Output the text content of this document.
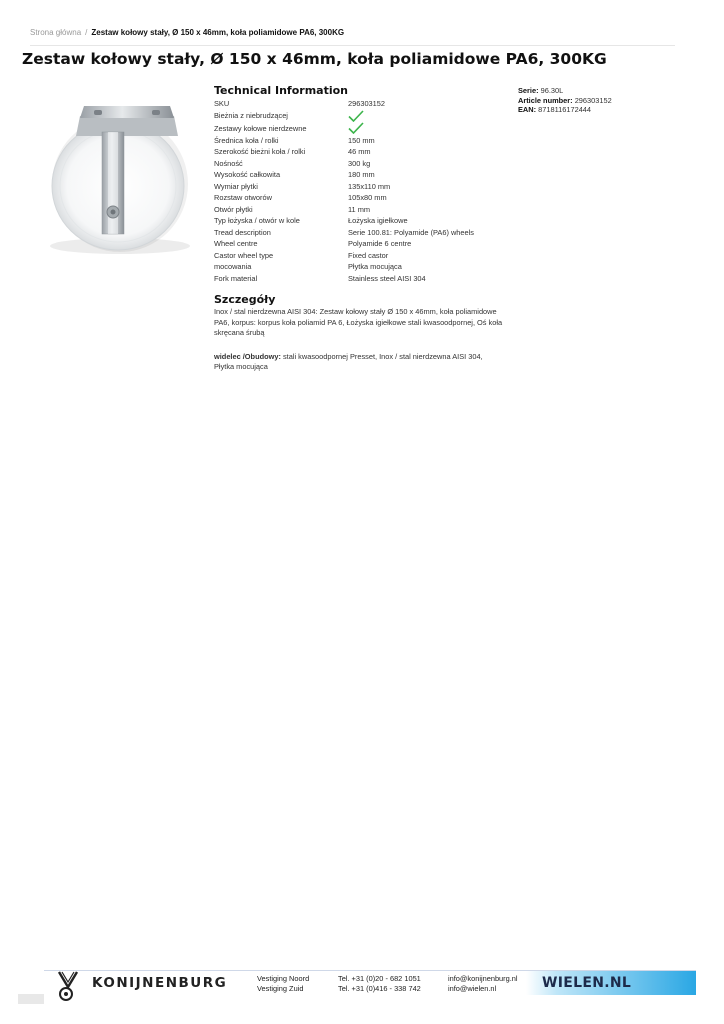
Strona główna / Zestaw kołowy stały, Ø 150 x 46mm, koła poliamidowe PA6, 300KG
Zestaw kołowy stały, Ø 150 x 46mm, koła poliamidowe PA6, 300KG
Technical Information
SKU	296303152
Bieżnia z niebrudzącej	
Zestawy kołowe nierdzewne	
Średnica koła / rolki	150 mm
Szerokość bieżni koła / rolki	46 mm
Nośność	300 kg
Wysokość całkowita	180 mm
Wymiar płytki	135x110 mm
Rozstaw otworów	105x80 mm
Otwór płytki	11 mm
Typ łożyska / otwór w kole	Łożyska igiełkowe
Tread description	Serie 100.81: Polyamide (PA6) wheels
Wheel centre	Polyamide 6 centre
Castor wheel type	Fixed castor
mocowania	Płytka mocująca
Fork material	Stainless steel AISI 304
Serie: 96.30L
Article number: 296303152
EAN: 8718116172444
Szczegóły

Inox / stal nierdzewna AISI 304: Zestaw kołowy stały Ø 150 x 46mm, koła poliamidowe PA6, korpus: korpus koła poliamid PA 6, Łożyska igiełkowe stali kwasoodpornej, Oś koła skręcana śrubą

widelec /Obudowy: stali kwasoodpornej Presset, Inox / stal nierdzewna AISI 304, Płytka mocująca

KONIJNENBURG	Vestiging Noord
Vestiging Zuid
Tel. +31 (0)20 - 682 1051
Tel. +31 (0)416 - 338 742
info@konijnenburg.nl
info@wielen.nl	WIELEN.NL
